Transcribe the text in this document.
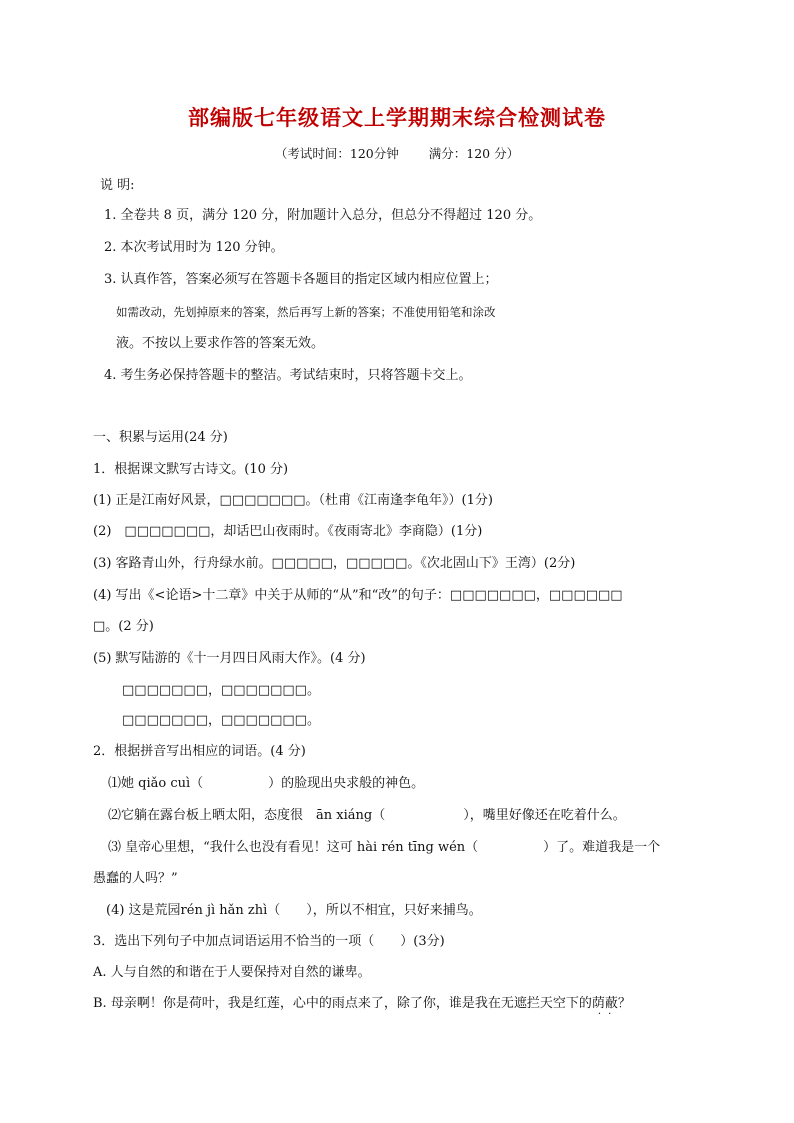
部编版七年级语文上学期期末综合检测试卷
（考试时间：120分钟 满分：120 分）
说 明:
1. 全卷共 8 页，满分 120 分，附加题计入总分，但总分不得超过 120 分。
2. 本次考试用时为 120 分钟。
3. 认真作答，答案必须写在答题卡各题目的指定区域内相应位置上；
如需改动，先划掉原来的答案，然后再写上新的答案；不准使用铅笔和涂改
液。不按以上要求作答的答案无效。
4. 考生务必保持答题卡的整洁。考试结束时，只将答题卡交上。
一、积累与运用(24 分)
1．根据课文默写古诗文。(10 分)
(1) 正是江南好风景，□□□□□□□。（杜甫《江南逢李龟年》）(1分)
(2)　□□□□□□□，却话巴山夜雨时。《夜雨寄北》李商隐）(1分)
(3) 客路青山外，行舟绿水前。□□□□□，□□□□□。《次北固山下》王湾）(2分)
(4) 写出《<论语>十二章》中关于从师的“从”和“改”的句子：□□□□□□□，□□□□□□
□。(2 分)
(5) 默写陆游的《十一月四日风雨大作》。(4 分)
□□□□□□□，□□□□□□□。
□□□□□□□，□□□□□□□。
2．根据拼音写出相应的词语。(4 分)
⑴她 qiǎo cuì（　　　　　）的脸现出央求般的神色。
⑵它躺在露台板上晒太阳，态度很　ān xiáng（　　　　　　），嘴里好像还在吃着什么。
⑶ 皇帝心里想，“我什么也没有看见！这可 hài rén tīng wén（　　　　　）了。难道我是一个
愚蠢的人吗？”
(4) 这是荒园rén jì hǎn zhì（　　），所以不相宜，只好来捕鸟。
3．选出下列句子中加点词语运用不恰当的一项（　　）(3分)
A. 人与自然的和谐在于人要保持对自然的谦卑。
B. 母亲啊！你是荷叶，我是红莲，心中的雨点来了，除了你，谁是我在无遮拦天空下的荫蔽？ · ·
